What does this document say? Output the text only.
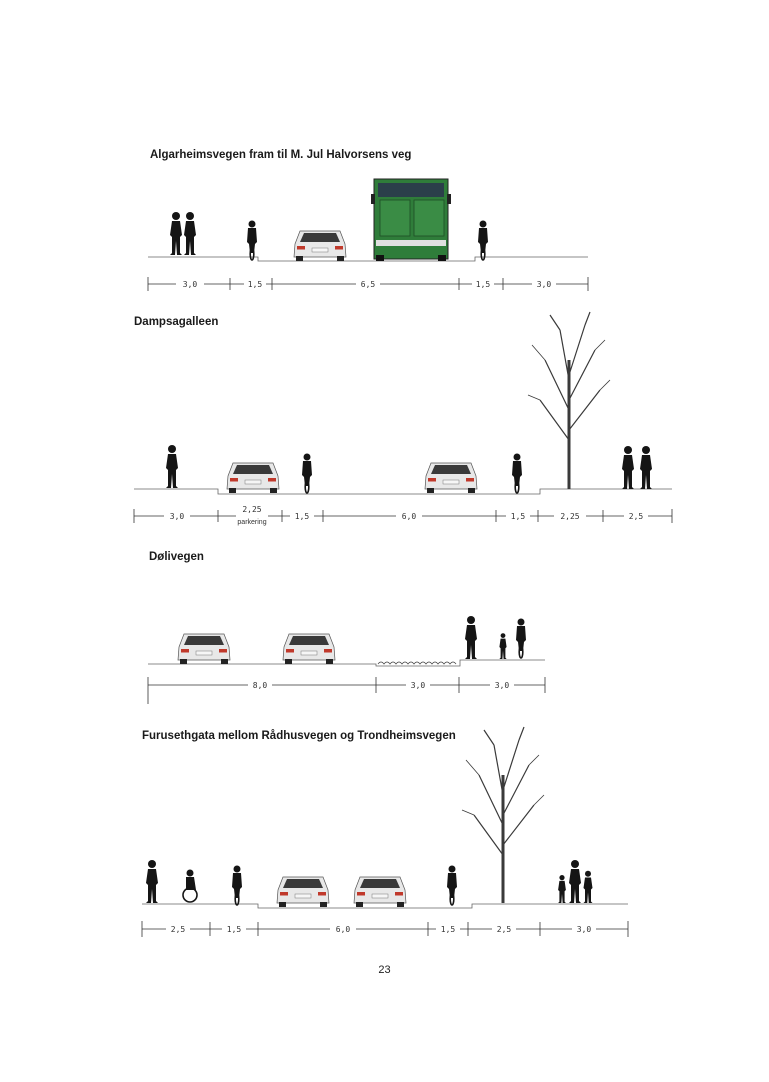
Algarheimsvegen fram til M. Jul Halvorsens veg
Dampsagalleen
Dølivegen
Furusethgata mellom Rådhusvegen og Trondheimsvegen
3,0	1,5	6,5	1,5	3,0
3,0
2,25
parkering
1,5	6,0	1,5	2,25	2,5
8,0	3,0	3,0
2,5	1,5	6,0	1,5	2,5	3,0
23
